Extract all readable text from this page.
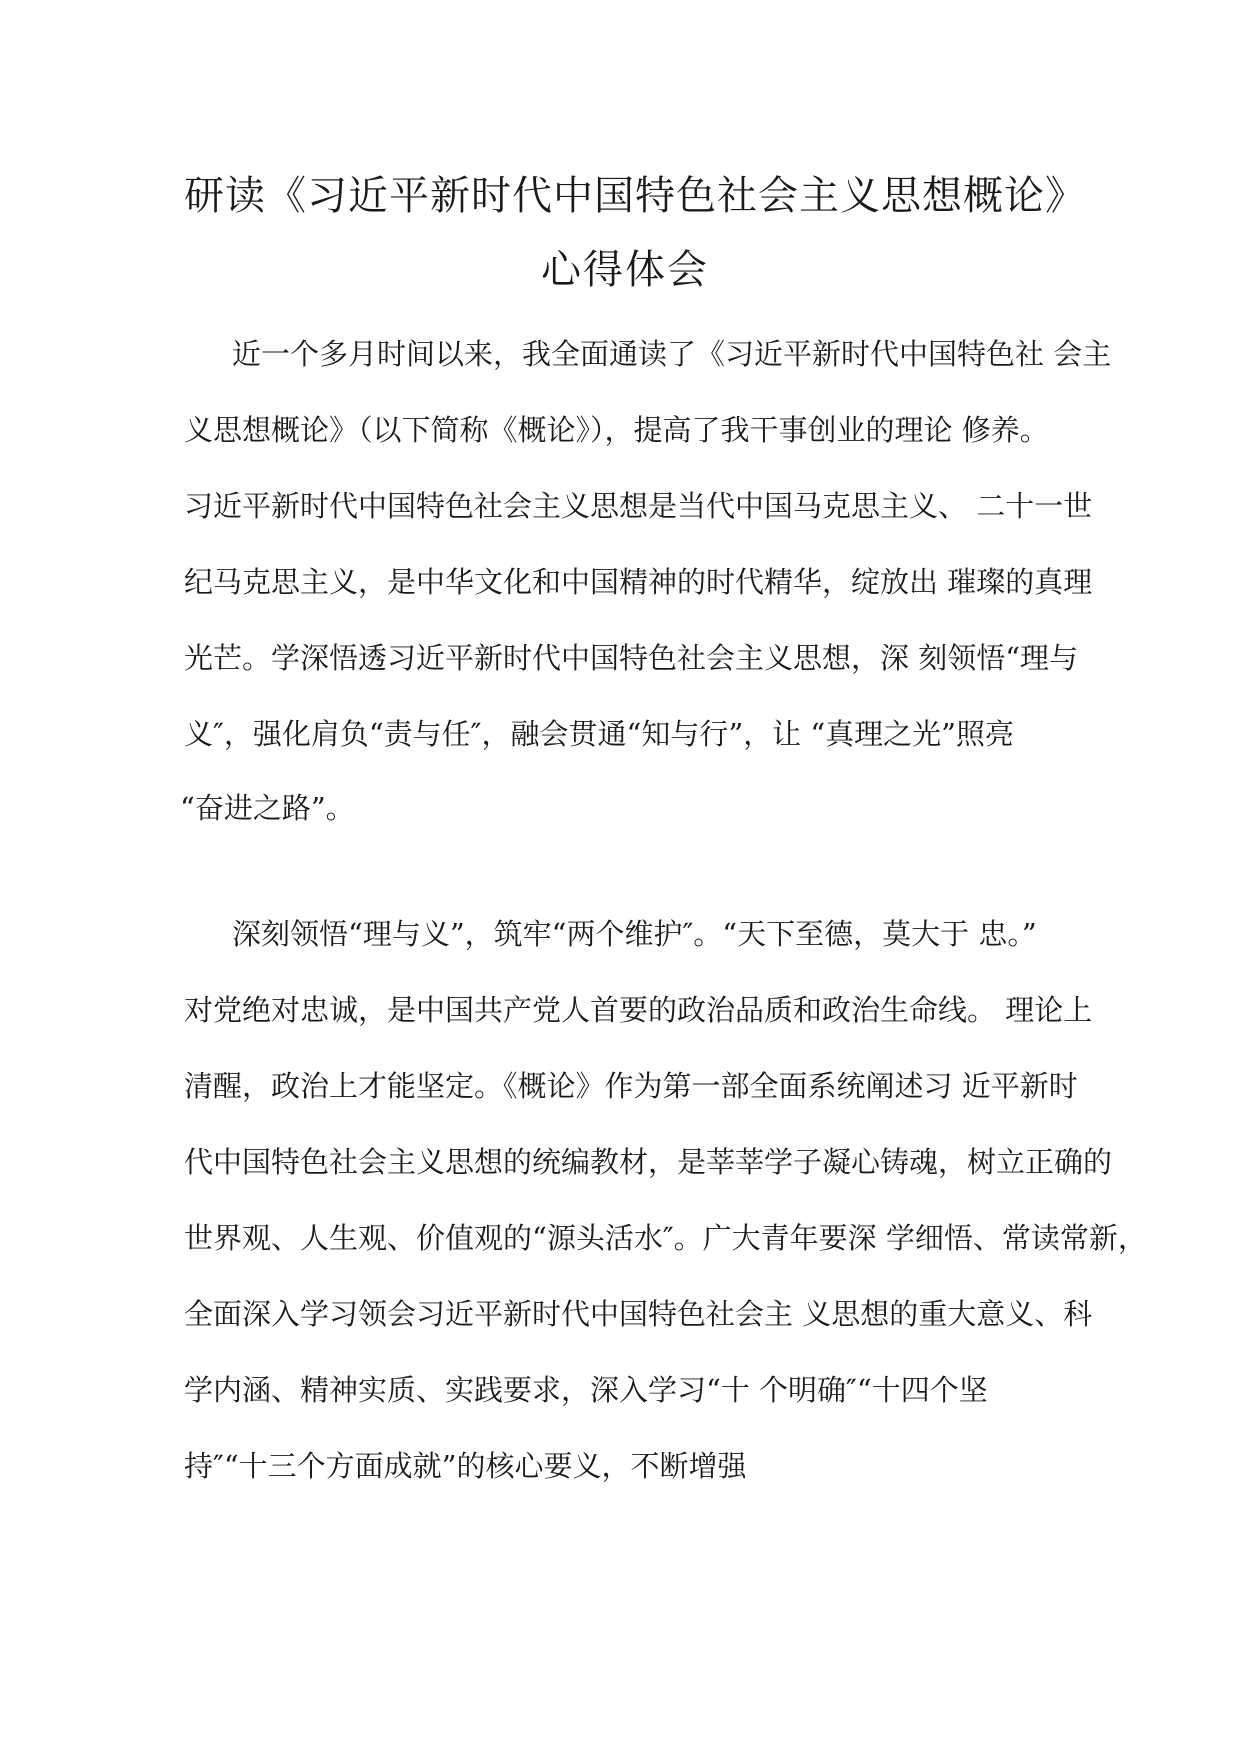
研读《习近平新时代中国特色社会主义思想概论》
心得体会
近一个多月时间以来，我全面通读了《习近平新时代中国特色社 会主
义思想概论》（以下简称《概论》），提高了我干事创业的理论 修养。
习近平新时代中国特色社会主义思想是当代中国马克思主义、 二十一世
纪马克思主义，是中华文化和中国精神的时代精华，绽放出 璀璨的真理
光芒。学深悟透习近平新时代中国特色社会主义思想，深 刻领悟“理与
义″，强化肩负“责与任″，融会贯通“知与行”，让 “真理之光”照亮
“奋进之路”。
深刻领悟“理与义”，筑牢“两个维护″。“天下至德，莫大于 忠。”
对党绝对忠诚，是中国共产党人首要的政治品质和政治生命线。 理论上
清醒，政治上才能坚定。《概论》作为第一部全面系统阐述习 近平新时
代中国特色社会主义思想的统编教材，是莘莘学子凝心铸魂，树立正确的
世界观、人生观、价值观的“源头活水″。广大青年要深 学细悟、常读常新，
全面深入学习领会习近平新时代中国特色社会主 义思想的重大意义、科
学内涵、精神实质、实践要求，深入学习“十 个明确″“十四个坚
持″“十三个方面成就”的核心要义，不断增强
